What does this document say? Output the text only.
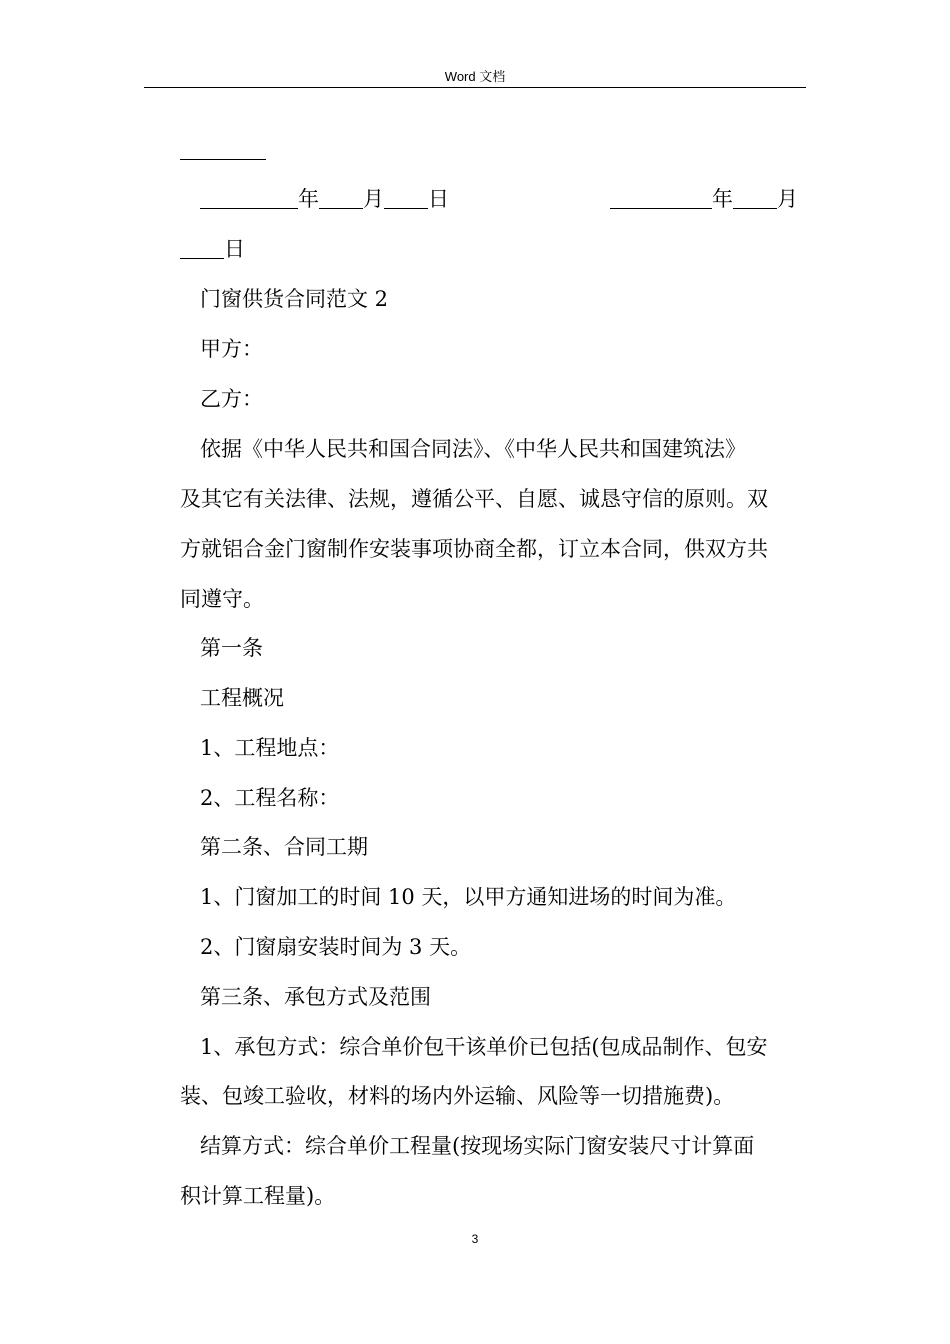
Word 文档
年 月 日	年 月
日
门窗供货合同范文 2
甲方：
乙方：
依据《中华人民共和国合同法》、《中华人民共和国建筑法》
及其它有关法律、法规，遵循公平、自愿、诚恳守信的原则。双
方就铝合金门窗制作安装事项协商全都，订立本合同，供双方共
同遵守。
第一条
工程概况
1、工程地点：
2、工程名称：
第二条、合同工期
1、门窗加工的时间 10 天，以甲方通知进场的时间为准。
2、门窗扇安装时间为 3 天。
第三条、承包方式及范围
1、承包方式：综合单价包干该单价已包括(包成品制作、包安
装、包竣工验收，材料的场内外运输、风险等一切措施费)。
结算方式：综合单价工程量(按现场实际门窗安装尺寸计算面
积计算工程量)。
3
